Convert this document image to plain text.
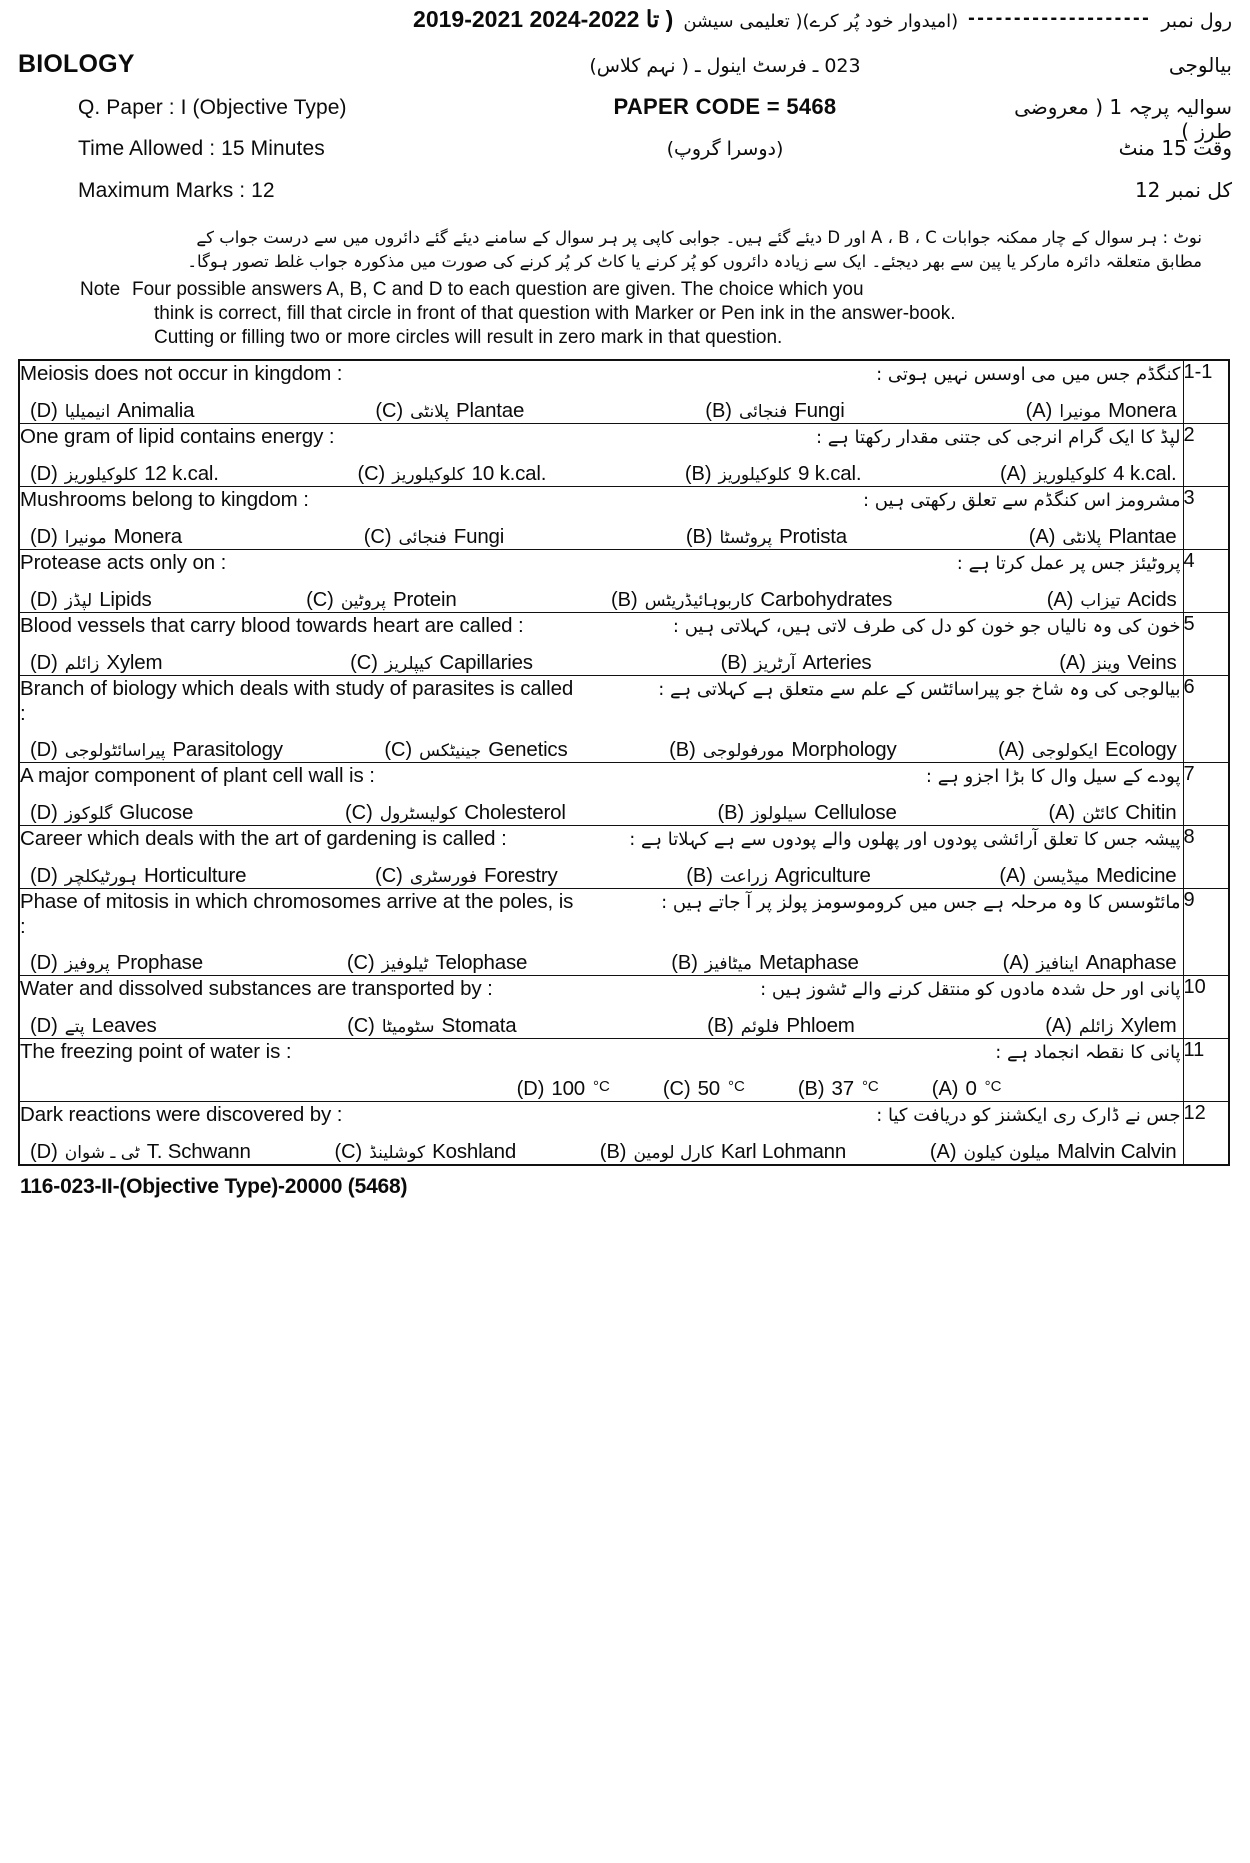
2019-2021 تا 2022-2024 ) (امیدوار خود پُر کرے)( تعلیمی سیشن -------------------- رول نمبر
BIOLOGY	023 ـ فرسٹ اینول ـ ( نہم کلاس)	بیالوجی
Q. Paper : I (Objective Type)	PAPER CODE = 5468	سوالیہ پرچہ 1 ( معروضی طرز )
Time Allowed : 15 Minutes	(دوسرا گروپ)	وقت 15 منٹ
Maximum Marks : 12	کل نمبر 12
نوٹ : ہر سوال کے چار ممکنہ جوابات A ، B ، C اور D دیئے گئے ہیں۔ جوابی کاپی پر ہر سوال کے سامنے دیئے گئے دائروں میں سے درست جواب کے
مطابق متعلقہ دائرہ مارکر یا پین سے بھر دیجئے۔ ایک سے زیادہ دائروں کو پُر کرنے یا کاٹ کر پُر کرنے کی صورت میں مذکورہ جواب غلط تصور ہوگا۔
Note Four possible answers A, B, C and D to each question are given. The choice which you
think is correct, fill that circle in front of that question with Marker or Pen ink in the answer-book.
Cutting or filling two or more circles will result in zero mark in that question.
Meiosis does not occur in kingdom :	کنگڈم جس میں می اوسس نہیں ہوتی :
(A) مونیرا Monera
(B) فنجائی Fungi
(C) پلانٹی Plantae
(D) انیمیلیا Animalia
	1-1

One gram of lipid contains energy :	لپڈ کا ایک گرام انرجی کی جتنی مقدار رکھتا ہے :
(A) کلوکیلوریز 4 k.cal.
(B) کلوکیلوریز 9 k.cal.
(C) کلوکیلوریز 10 k.cal.
(D) کلوکیلوریز 12 k.cal.
	2

Mushrooms belong to kingdom :	مشرومز اس کنگڈم سے تعلق رکھتی ہیں :
(A) پلانٹی Plantae
(B) پروٹسٹا Protista
(C) فنجائی Fungi
(D) مونیرا Monera
	3

Protease acts only on :	پروٹیئز جس پر عمل کرتا ہے :
(A) تیزاب Acids
(B) کاربوہائیڈریٹس Carbohydrates
(C) پروٹین Protein
(D) لپڈز Lipids
	4

Blood vessels that carry blood towards heart are called :	خون کی وہ نالیاں جو خون کو دل کی طرف لاتی ہیں، کہلاتی ہیں :
(A) وینز Veins
(B) آرٹریز Arteries
(C) کیپلریز Capillaries
(D) زائلم Xylem
	5

Branch of biology which deals with study of parasites is called :
بیالوجی کی وہ شاخ جو پیراسائٹس کے علم سے متعلق ہے کہلاتی ہے :
(A) ایکولوجی Ecology
(B) مورفولوجی Morphology
(C) جینیٹکس Genetics
(D) پیراسائٹولوجی Parasitology
	6

A major component of plant cell wall is :	پودے کے سیل وال کا بڑا اجزو ہے :
(A) کائٹن Chitin
(B) سیلولوز Cellulose
(C) کولیسٹرول Cholesterol
(D) گلوکوز Glucose
	7

Career which deals with the art of gardening is called :	پیشہ جس کا تعلق آرائشی پودوں اور پھلوں والے پودوں سے ہے کہلاتا ہے :
(A) میڈیسن Medicine
(B) زراعت Agriculture
(C) فورسٹری Forestry
(D) ہورٹیکلچر Horticulture
	8

Phase of mitosis in which chromosomes arrive at the poles, is :
مائٹوسس کا وہ مرحلہ ہے جس میں کروموسومز پولز پر آ جاتے ہیں :
(A) اینافیز Anaphase
(B) میٹافیز Metaphase
(C) ٹیلوفیز Telophase
(D) پروفیز Prophase
	9

Water and dissolved substances are transported by :	پانی اور حل شدہ مادوں کو منتقل کرنے والے ٹشوز ہیں :
(A) زائلم Xylem
(B) فلوئم Phloem
(C) سٹومیٹا Stomata
(D) پتے Leaves
	10

The freezing point of water is :	پانی کا نقطہ انجماد ہے :
(A) 0 °C
(B) 37 °C
(C) 50 °C
(D) 100 °C
	11

Dark reactions were discovered by :	جس نے ڈارک ری ایکشنز کو دریافت کیا :
(A) میلون کیلون Malvin Calvin
(B) کارل لومین Karl Lohmann
(C) کوشلینڈ Koshland
(D) ٹی ـ شوان T. Schwann
	12
116-023-II-(Objective Type)-20000 (5468)
